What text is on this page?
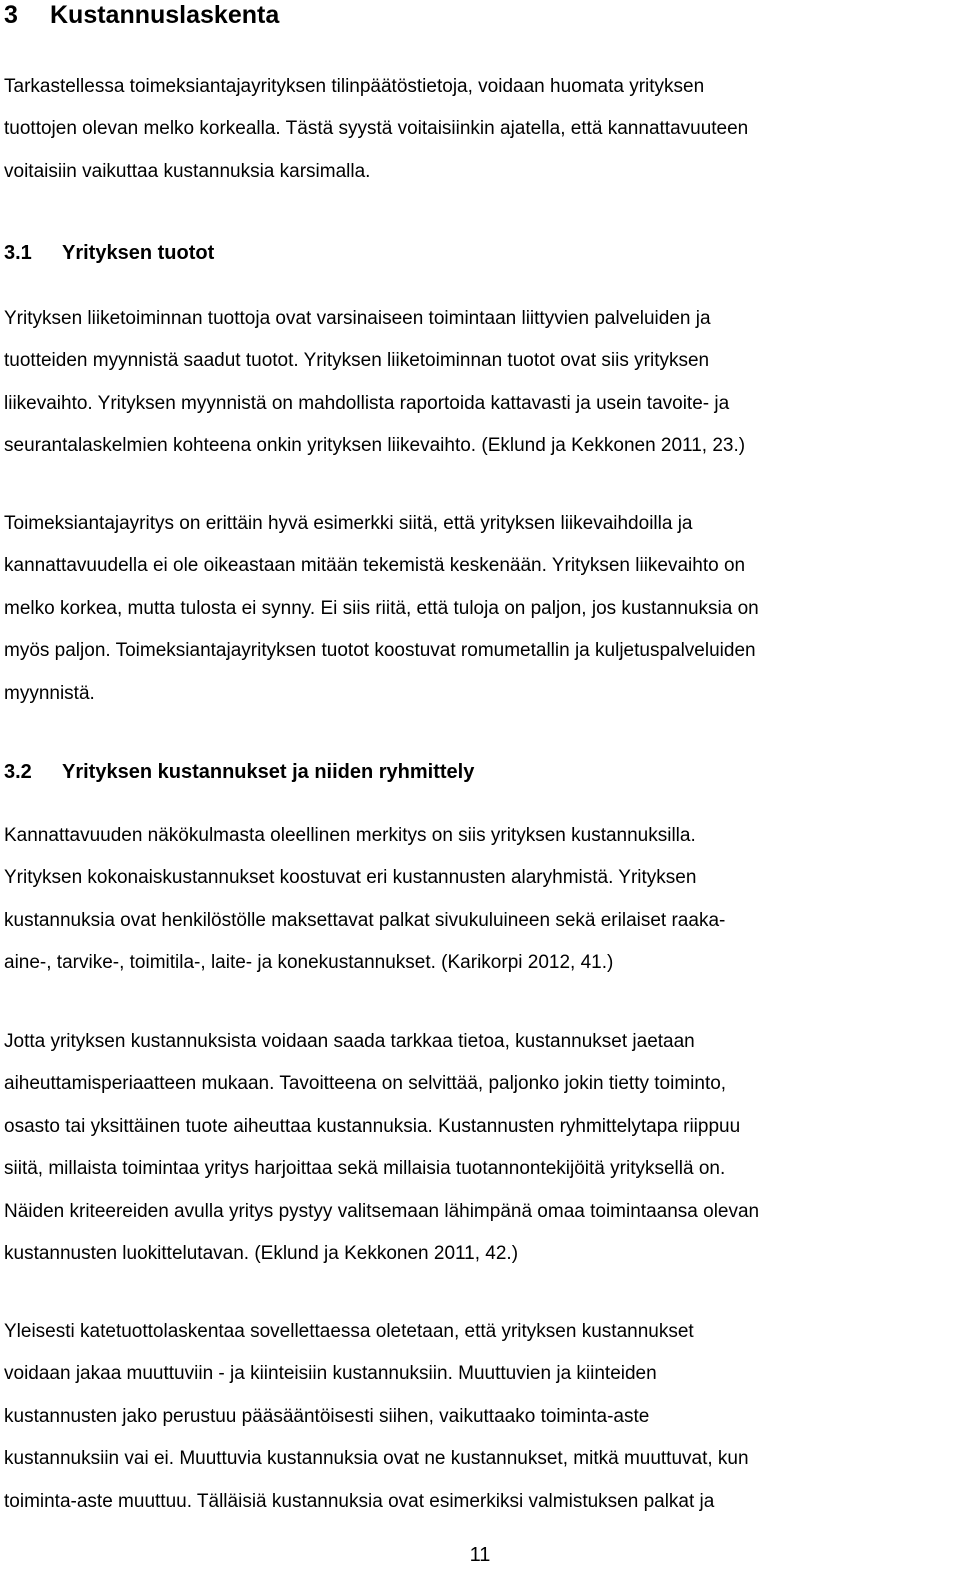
3 Kustannuslaskenta

Tarkastellessa toimeksiantajayrityksen tilinpäätöstietoja, voidaan huomata yrityksen
tuottojen olevan melko korkealla. Tästä syystä voitaisiinkin ajatella, että kannattavuuteen
voitaisiin vaikuttaa kustannuksia karsimalla.

3.1 Yrityksen tuotot

Yrityksen liiketoiminnan tuottoja ovat varsinaiseen toimintaan liittyvien palveluiden ja
tuotteiden myynnistä saadut tuotot. Yrityksen liiketoiminnan tuotot ovat siis yrityksen
liikevaihto. Yrityksen myynnistä on mahdollista raportoida kattavasti ja usein tavoite- ja
seurantalaskelmien kohteena onkin yrityksen liikevaihto. (Eklund ja Kekkonen 2011, 23.)

Toimeksiantajayritys on erittäin hyvä esimerkki siitä, että yrityksen liikevaihdoilla ja
kannattavuudella ei ole oikeastaan mitään tekemistä keskenään. Yrityksen liikevaihto on
melko korkea, mutta tulosta ei synny. Ei siis riitä, että tuloja on paljon, jos kustannuksia on
myös paljon. Toimeksiantajayrityksen tuotot koostuvat romumetallin ja kuljetuspalveluiden
myynnistä.

3.2 Yrityksen kustannukset ja niiden ryhmittely

Kannattavuuden näkökulmasta oleellinen merkitys on siis yrityksen kustannuksilla.
Yrityksen kokonaiskustannukset koostuvat eri kustannusten alaryhmistä. Yrityksen
kustannuksia ovat henkilöstölle maksettavat palkat sivukuluineen sekä erilaiset raaka-
aine-, tarvike-, toimitila-, laite- ja konekustannukset. (Karikorpi 2012, 41.)

Jotta yrityksen kustannuksista voidaan saada tarkkaa tietoa, kustannukset jaetaan
aiheuttamisperiaatteen mukaan. Tavoitteena on selvittää, paljonko jokin tietty toiminto,
osasto tai yksittäinen tuote aiheuttaa kustannuksia. Kustannusten ryhmittelytapa riippuu
siitä, millaista toimintaa yritys harjoittaa sekä millaisia tuotannontekijöitä yrityksellä on.
Näiden kriteereiden avulla yritys pystyy valitsemaan lähimpänä omaa toimintaansa olevan
kustannusten luokittelutavan. (Eklund ja Kekkonen 2011, 42.)

Yleisesti katetuottolaskentaa sovellettaessa oletetaan, että yrityksen kustannukset
voidaan jakaa muuttuviin - ja kiinteisiin kustannuksiin. Muuttuvien ja kiinteiden
kustannusten jako perustuu pääsääntöisesti siihen, vaikuttaako toiminta-aste
kustannuksiin vai ei. Muuttuvia kustannuksia ovat ne kustannukset, mitkä muuttuvat, kun
toiminta-aste muuttuu. Tälläisiä kustannuksia ovat esimerkiksi valmistuksen palkat ja

11
